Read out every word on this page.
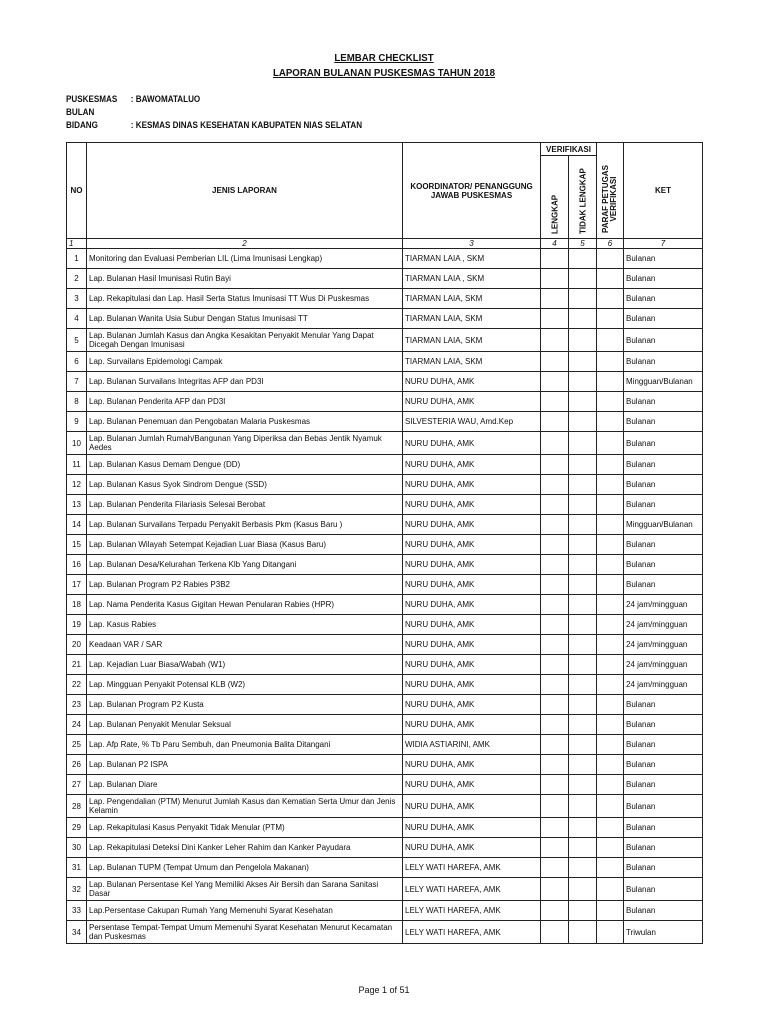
LEMBAR CHECKLIST
LAPORAN BULANAN PUSKESMAS TAHUN 2018
PUSKESMAS : BAWOMATALUO
BULAN
BIDANG	: KESMAS DINAS KESEHATAN KABUPATEN NIAS SELATAN
NO	JENIS LAPORAN	KOORDINATOR/ PENANGGUNG JAWAB PUSKESMAS	VERIFIKASI		PARAF PETUGAS VERIFIKASI	KET

			LENGKAP	TIDAK LENGKAP		

1	2	3	4	5	6	7
1	Monitoring dan Evaluasi Pemberian LIL (Lima Imunisasi Lengkap)	TIARMAN LAIA , SKM				Bulanan
2	Lap. Bulanan Hasil Imunisasi Rutin Bayi	TIARMAN LAIA , SKM				Bulanan
3	Lap. Rekapitulasi dan Lap. Hasil Serta Status Imunisasi TT Wus Di Puskesmas	TIARMAN LAIA, SKM				Bulanan
4	Lap. Bulanan Wanita Usia Subur Dengan Status Imunisasi TT	TIARMAN LAIA, SKM				Bulanan
5	Lap. Bulanan Jumlah Kasus dan Angka Kesakitan Penyakit Menular Yang Dapat Dicegah Dengan Imunisasi	TIARMAN LAIA, SKM				Bulanan
6	Lap. Survailans Epidemologi Campak	TIARMAN LAIA, SKM				Bulanan
7	Lap. Bulanan Survailans Integritas AFP dan PD3I	NURU DUHA, AMK				Mingguan/Bulanan
8	Lap. Bulanan Penderita AFP dan PD3I	NURU DUHA, AMK				Bulanan
9	Lap. Bulanan Penemuan dan Pengobatan Malaria Puskesmas	SILVESTERIA WAU, Amd.Kep				Bulanan
10	Lap. Bulanan Jumlah Rumah/Bangunan Yang Diperiksa dan Bebas Jentik Nyamuk Aedes	NURU DUHA, AMK				Bulanan
11	Lap. Bulanan Kasus Demam Dengue (DD)	NURU DUHA, AMK				Bulanan
12	Lap. Bulanan Kasus Syok Sindrom Dengue (SSD)	NURU DUHA, AMK				Bulanan
13	Lap. Bulanan Penderita Filariasis Selesai Berobat	NURU DUHA, AMK				Bulanan
14	Lap. Bulanan Survailans Terpadu Penyakit Berbasis Pkm (Kasus Baru )	NURU DUHA, AMK				Mingguan/Bulanan
15	Lap. Bulanan Wilayah Setempat Kejadian Luar Biasa (Kasus Baru)	NURU DUHA, AMK				Bulanan
16	Lap. Bulanan Desa/Kelurahan Terkena Klb Yang Ditangani	NURU DUHA, AMK				Bulanan
17	Lap. Bulanan Program P2 Rabies P3B2	NURU DUHA, AMK				Bulanan
18	Lap. Nama Penderita Kasus Gigitan Hewan Penularan Rabies (HPR)	NURU DUHA, AMK				24 jam/mingguan
19	Lap. Kasus Rabies	NURU DUHA, AMK				24 jam/mingguan
20	Keadaan VAR / SAR	NURU DUHA, AMK				24 jam/mingguan
21	Lap. Kejadian Luar Biasa/Wabah (W1)	NURU DUHA, AMK				24 jam/mingguan
22	Lap. Mingguan Penyakit Potensal KLB (W2)	NURU DUHA, AMK				24 jam/mingguan
23	Lap. Bulanan Program P2 Kusta	NURU DUHA, AMK				Bulanan
24	Lap. Bulanan Penyakit Menular Seksual	NURU DUHA, AMK				Bulanan
25	Lap. Afp Rate, % Tb Paru Sembuh, dan Pneumonia Balita Ditangani	WIDIA ASTIARINI, AMK				Bulanan
26	Lap. Bulanan P2 ISPA	NURU DUHA, AMK				Bulanan
27	Lap. Bulanan Diare	NURU DUHA, AMK				Bulanan
28	Lap. Pengendalian (PTM) Menurut Jumlah Kasus dan Kematian Serta Umur dan Jenis Kelamin	NURU DUHA, AMK				Bulanan
29	Lap. Rekapitulasi Kasus Penyakit Tidak Menular (PTM)	NURU DUHA, AMK				Bulanan
30	Lap. Rekapitulasi Deteksi Dini Kanker Leher Rahim dan Kanker Payudara	NURU DUHA, AMK				Bulanan
31	Lap. Bulanan TUPM (Tempat Umum dan Pengelola Makanan)	LELY WATI HAREFA, AMK				Bulanan
32	Lap. Bulanan Persentase Kel Yang Memiliki Akses Air Bersih dan Sarana Sanitasi Dasar	LELY WATI HAREFA, AMK				Bulanan
33	Lap.Persentase Cakupan Rumah Yang Memenuhi Syarat Kesehatan	LELY WATI HAREFA, AMK				Bulanan
34	Persentase Tempat-Tempat Umum Memenuhi Syarat Kesehatan Menurut Kecamatan dan Puskesmas	LELY WATI HAREFA, AMK				Triwulan
Page 1 of 51
